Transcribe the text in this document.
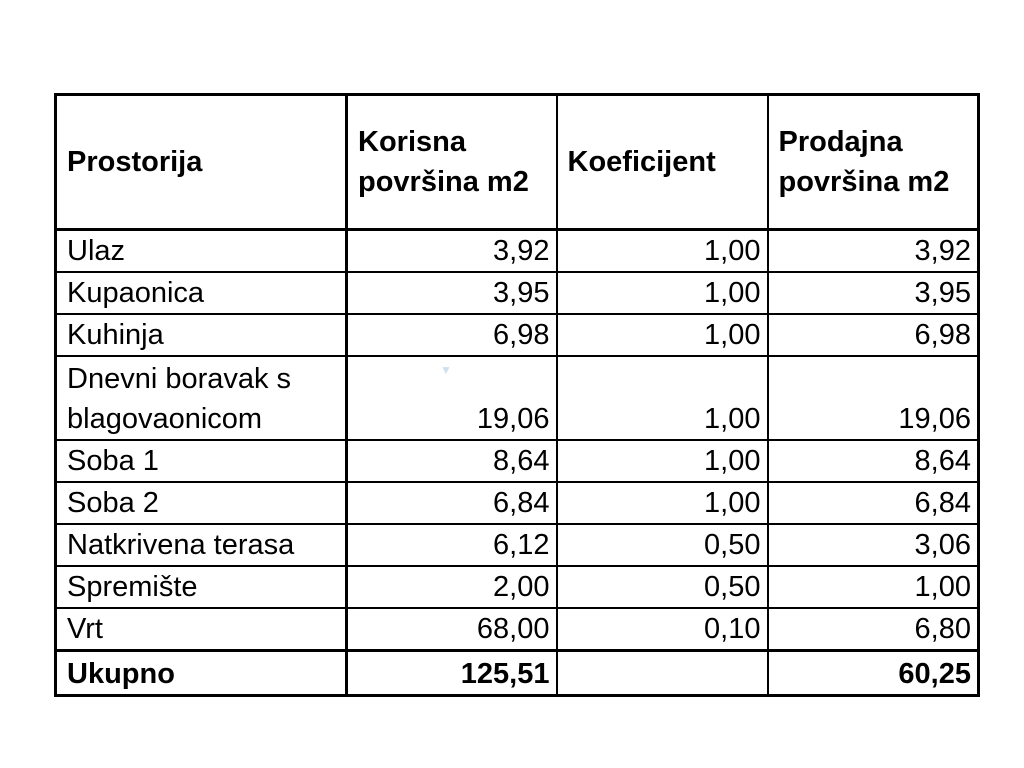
Prostorija	Korisna površina m2	Koeficijent	Prodajna površina m2
Ulaz	3,92	1,00	3,92
Kupaonica	3,95	1,00	3,95
Kuhinja	6,98	1,00	6,98
Dnevni boravak s blagovaonicom	19,06	1,00	19,06
Soba 1	8,64	1,00	8,64
Soba 2	6,84	1,00	6,84
Natkrivena terasa	6,12	0,50	3,06
Spremište	2,00	0,50	1,00
Vrt	68,00	0,10	6,80
Ukupno	125,51		60,25
▼
